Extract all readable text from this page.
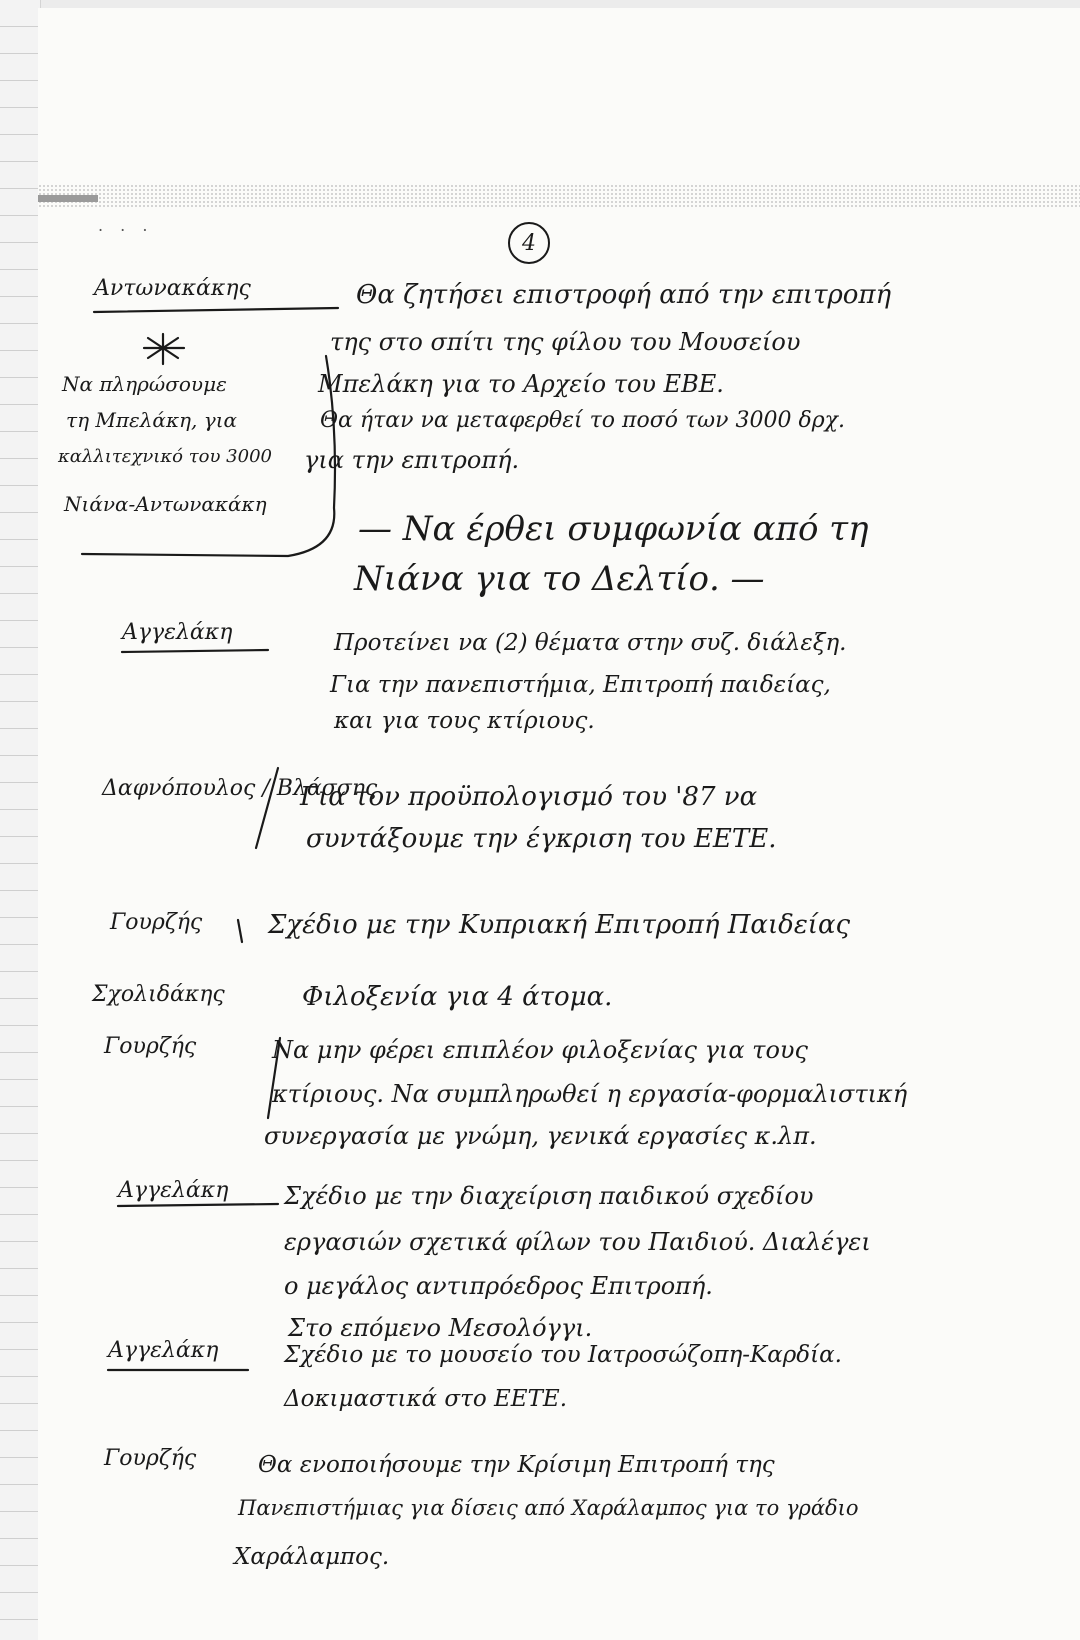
. . .
4
Αντωνακάκης
Αγγελάκη
Δαφνόπουλος / Βλάσσης
Γουρζής
Σχολιδάκης
Γουρζής
Αγγελάκη
Αγγελάκη
Γουρζής
Να πληρώσουμε
τη Μπελάκη, για
καλλιτεχνικό του 3000
Νιάνα-Αντωνακάκη
Θα ζητήσει επιστροφή από την επιτροπή
της στο σπίτι της φίλου του Μουσείου
Μπελάκη για το Αρχείο του ΕΒΕ.
Θα ήταν να μεταφερθεί το ποσό των 3000 δρχ.
για την επιτροπή.
— Να έρθει συμφωνία από τη
Νιάνα για το Δελτίο. —
Προτείνει να (2) θέματα στην συζ. διάλεξη.
Για την πανεπιστήμια, Επιτροπή παιδείας,
και για τους κτίριους.
Για τον προϋπολογισμό του '87 να
συντάξουμε την έγκριση του ΕΕΤΕ.
Σχέδιο με την Κυπριακή Επιτροπή Παιδείας
Φιλοξενία για 4 άτομα.
Να μην φέρει επιπλέον φιλοξενίας για τους
κτίριους. Να συμπληρωθεί η εργασία-φορμαλιστική
συνεργασία με γνώμη, γενικά εργασίες κ.λπ.
Σχέδιο με την διαχείριση παιδικού σχεδίου
εργασιών σχετικά φίλων του Παιδιού. Διαλέγει
ο μεγάλος αντιπρόεδρος Επιτροπή.
Στο επόμενο Μεσολόγγι.
Σχέδιο με το μουσείο του Ιατροσώζοπη-Καρδία.
Δοκιμαστικά στο ΕΕΤΕ.
Θα ενοποιήσουμε την Κρίσιμη Επιτροπή της
Πανεπιστήμιας για δίσεις από Χαράλαμπος για το γράδιο
Χαράλαμπος.
